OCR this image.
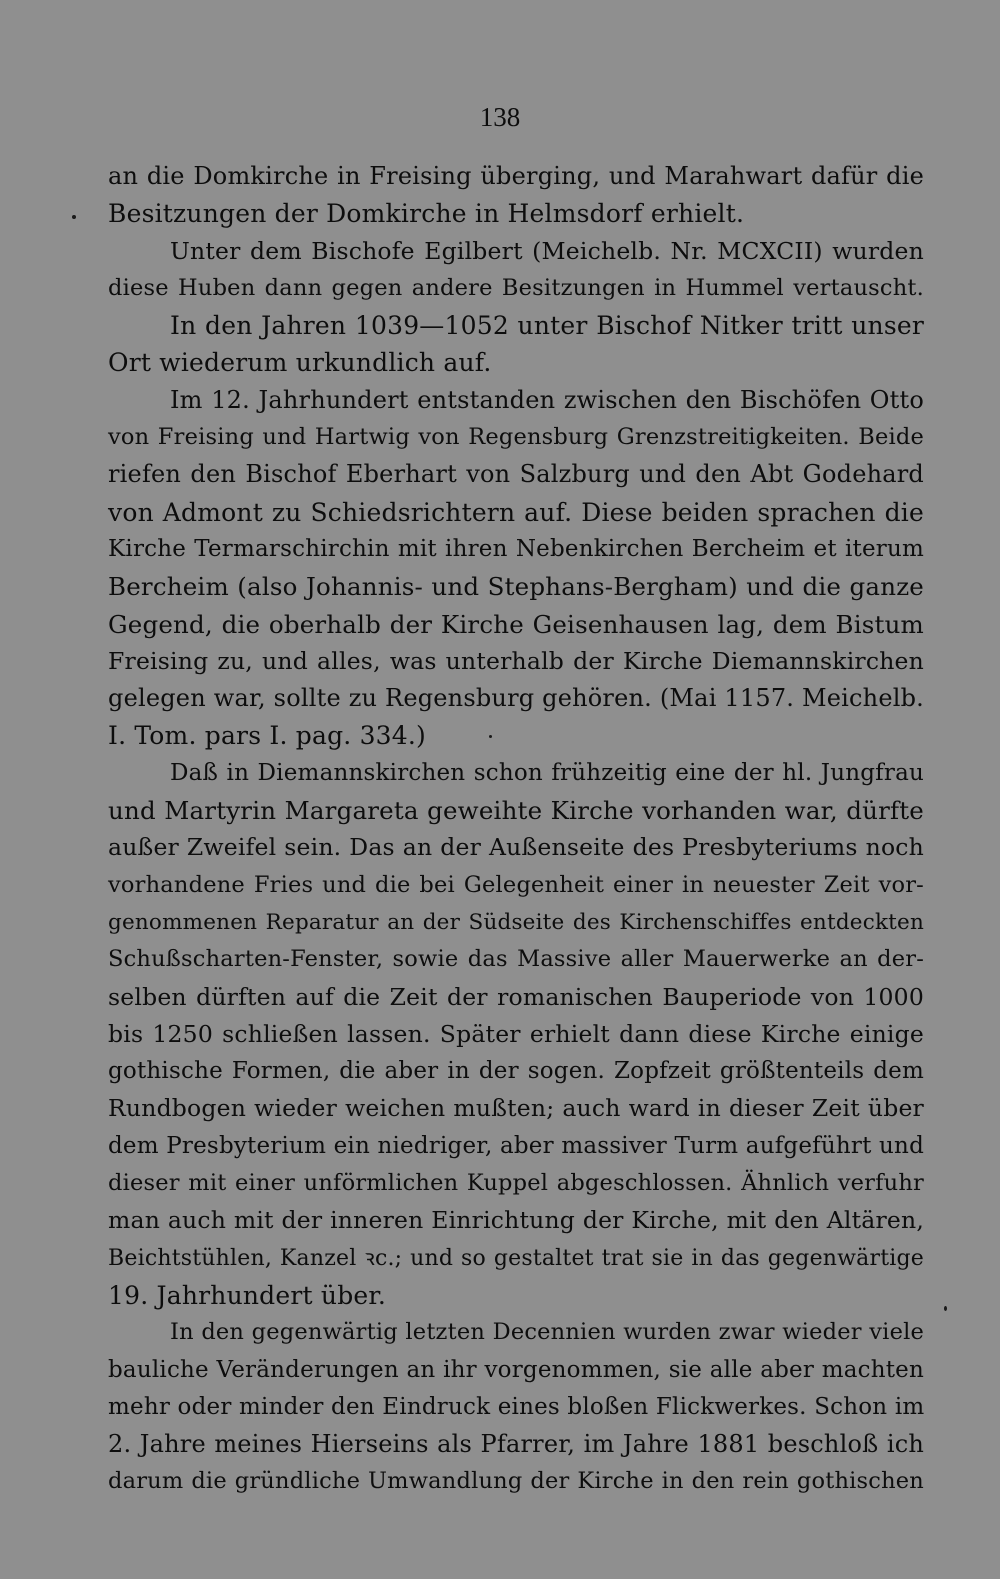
138
an die Domkirche in Freising überging, und Marahwart dafür die
Besitzungen der Domkirche in Helmsdorf erhielt.
Unter dem Bischofe Egilbert (Meichelb. Nr. MCXCII) wurden
diese Huben dann gegen andere Besitzungen in Hummel vertauscht.
In den Jahren 1039—1052 unter Bischof Nitker tritt unser
Ort wiederum urkundlich auf.
Im 12. Jahrhundert entstanden zwischen den Bischöfen Otto
von Freising und Hartwig von Regensburg Grenzstreitigkeiten. Beide
riefen den Bischof Eberhart von Salzburg und den Abt Godehard
von Admont zu Schiedsrichtern auf. Diese beiden sprachen die
Kirche Termarschirchin mit ihren Nebenkirchen Bercheim et iterum
Bercheim (also Johannis- und Stephans-Bergham) und die ganze
Gegend, die oberhalb der Kirche Geisenhausen lag, dem Bistum
Freising zu, und alles, was unterhalb der Kirche Diemannskirchen
gelegen war, sollte zu Regensburg gehören. (Mai 1157. Meichelb.
I. Tom. pars I. pag. 334.)
Daß in Diemannskirchen schon frühzeitig eine der hl. Jungfrau
und Martyrin Margareta geweihte Kirche vorhanden war, dürfte
außer Zweifel sein. Das an der Außenseite des Presbyteriums noch
vorhandene Fries und die bei Gelegenheit einer in neuester Zeit vor-
genommenen Reparatur an der Südseite des Kirchenschiffes entdeckten
Schußscharten-Fenster, sowie das Massive aller Mauerwerke an der-
selben dürften auf die Zeit der romanischen Bauperiode von 1000
bis 1250 schließen lassen. Später erhielt dann diese Kirche einige
gothische Formen, die aber in der sogen. Zopfzeit größtenteils dem
Rundbogen wieder weichen mußten; auch ward in dieser Zeit über
dem Presbyterium ein niedriger, aber massiver Turm aufgeführt und
dieser mit einer unförmlichen Kuppel abgeschlossen. Ähnlich verfuhr
man auch mit der inneren Einrichtung der Kirche, mit den Altären,
Beichtstühlen, Kanzel ꝛc.; und so gestaltet trat sie in das gegenwärtige
19. Jahrhundert über.
In den gegenwärtig letzten Decennien wurden zwar wieder viele
bauliche Veränderungen an ihr vorgenommen, sie alle aber machten
mehr oder minder den Eindruck eines bloßen Flickwerkes. Schon im
2. Jahre meines Hierseins als Pfarrer, im Jahre 1881 beschloß ich
darum die gründliche Umwandlung der Kirche in den rein gothischen
